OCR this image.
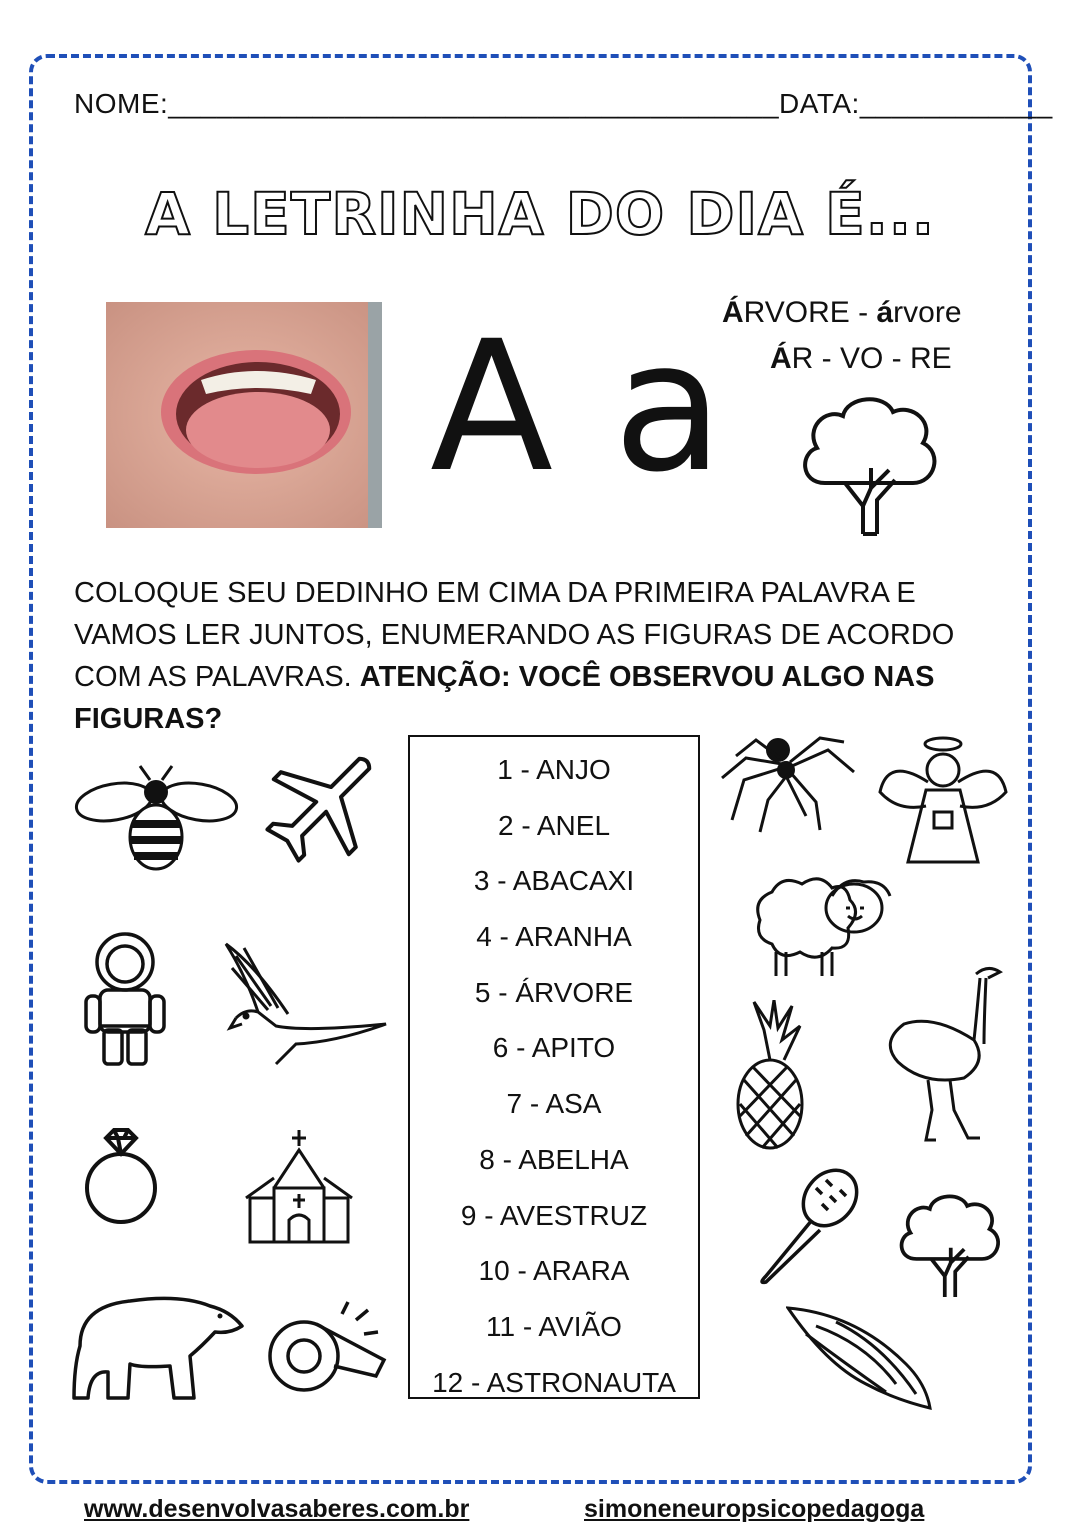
NOME:______________________________________DATA:____________
A LETRINHA DO DIA É...
A a
ÁRVORE - árvore
ÁR - VO - RE
COLOQUE SEU DEDINHO EM CIMA DA PRIMEIRA PALAVRA E VAMOS LER JUNTOS, ENUMERANDO AS FIGURAS DE ACORDO COM AS PALAVRAS. ATENÇÃO: VOCÊ OBSERVOU ALGO NAS FIGURAS?
1 - ANJO
2 - ANEL
3 - ABACAXI
4 - ARANHA
5 - ÁRVORE
6 - APITO
7 - ASA
8 - ABELHA
9 - AVESTRUZ
10 - ARARA
11 - AVIÃO
12 - ASTRONAUTA
www.desenvolvasaberes.com.br	simoneneuropsicopedagoga
